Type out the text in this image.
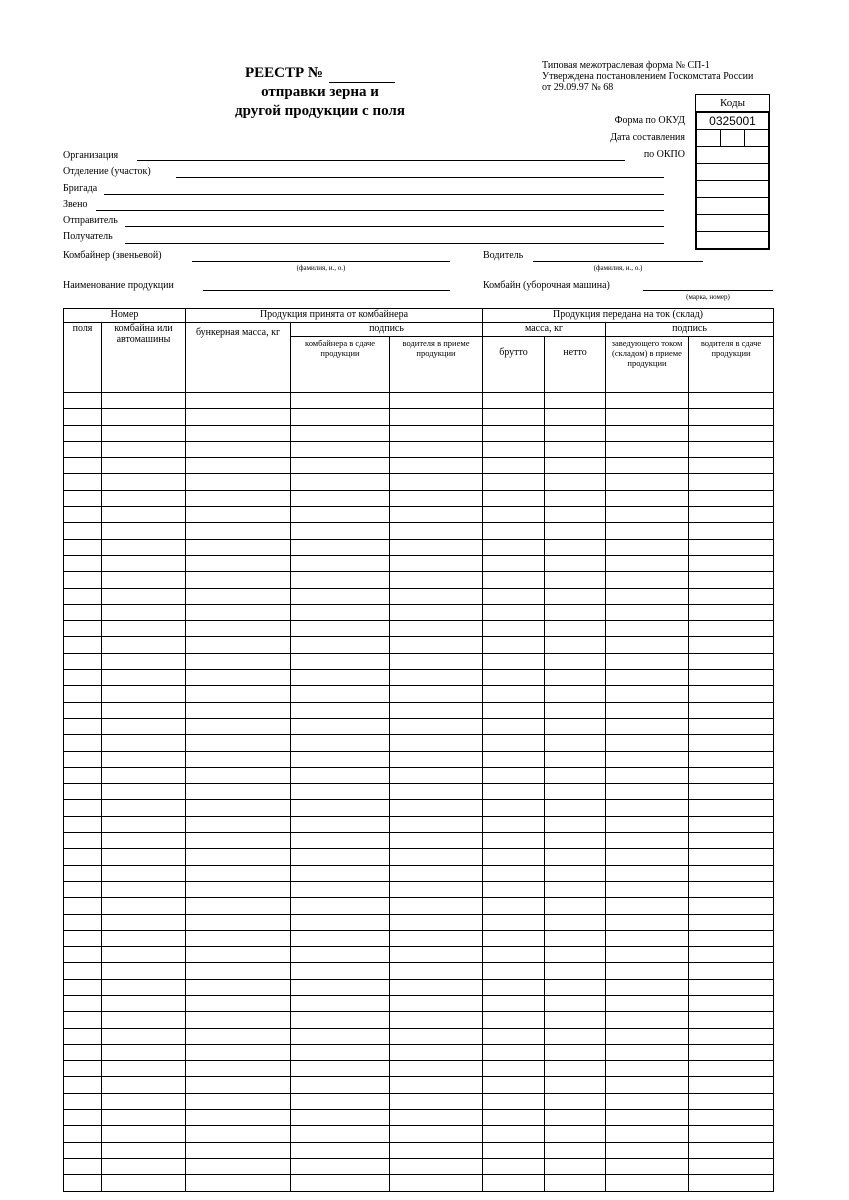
РЕЕСТР №
отправки зерна и
другой продукции с поля
Типовая межотраслевая форма № СП-1
Утверждена постановлением Госкомстата России
от 29.09.97 № 68
Коды
0325001
Форма по ОКУД
Дата составления
по ОКПО
Организация
Отделение (участок)
Бригада
Звено
Отправитель
Получатель
Комбайнер (звеньевой)
(фамилия, и., о.)
Водитель
(фамилия, и., о.)
Наименование продукции	Комбайн (уборочная машина)
(марка, номер)
Номер		Продукция принята от комбайнера			Продукция передана на ток (склад)			
поля	комбайна или автомашины	бункерная масса, кг	подпись		масса, кг		подпись	
			комбайнера в сдаче продукции	водителя в приеме продукции	брутто	нетто	заведующего током (складом) в приеме продукции	водителя в сдаче продукции
